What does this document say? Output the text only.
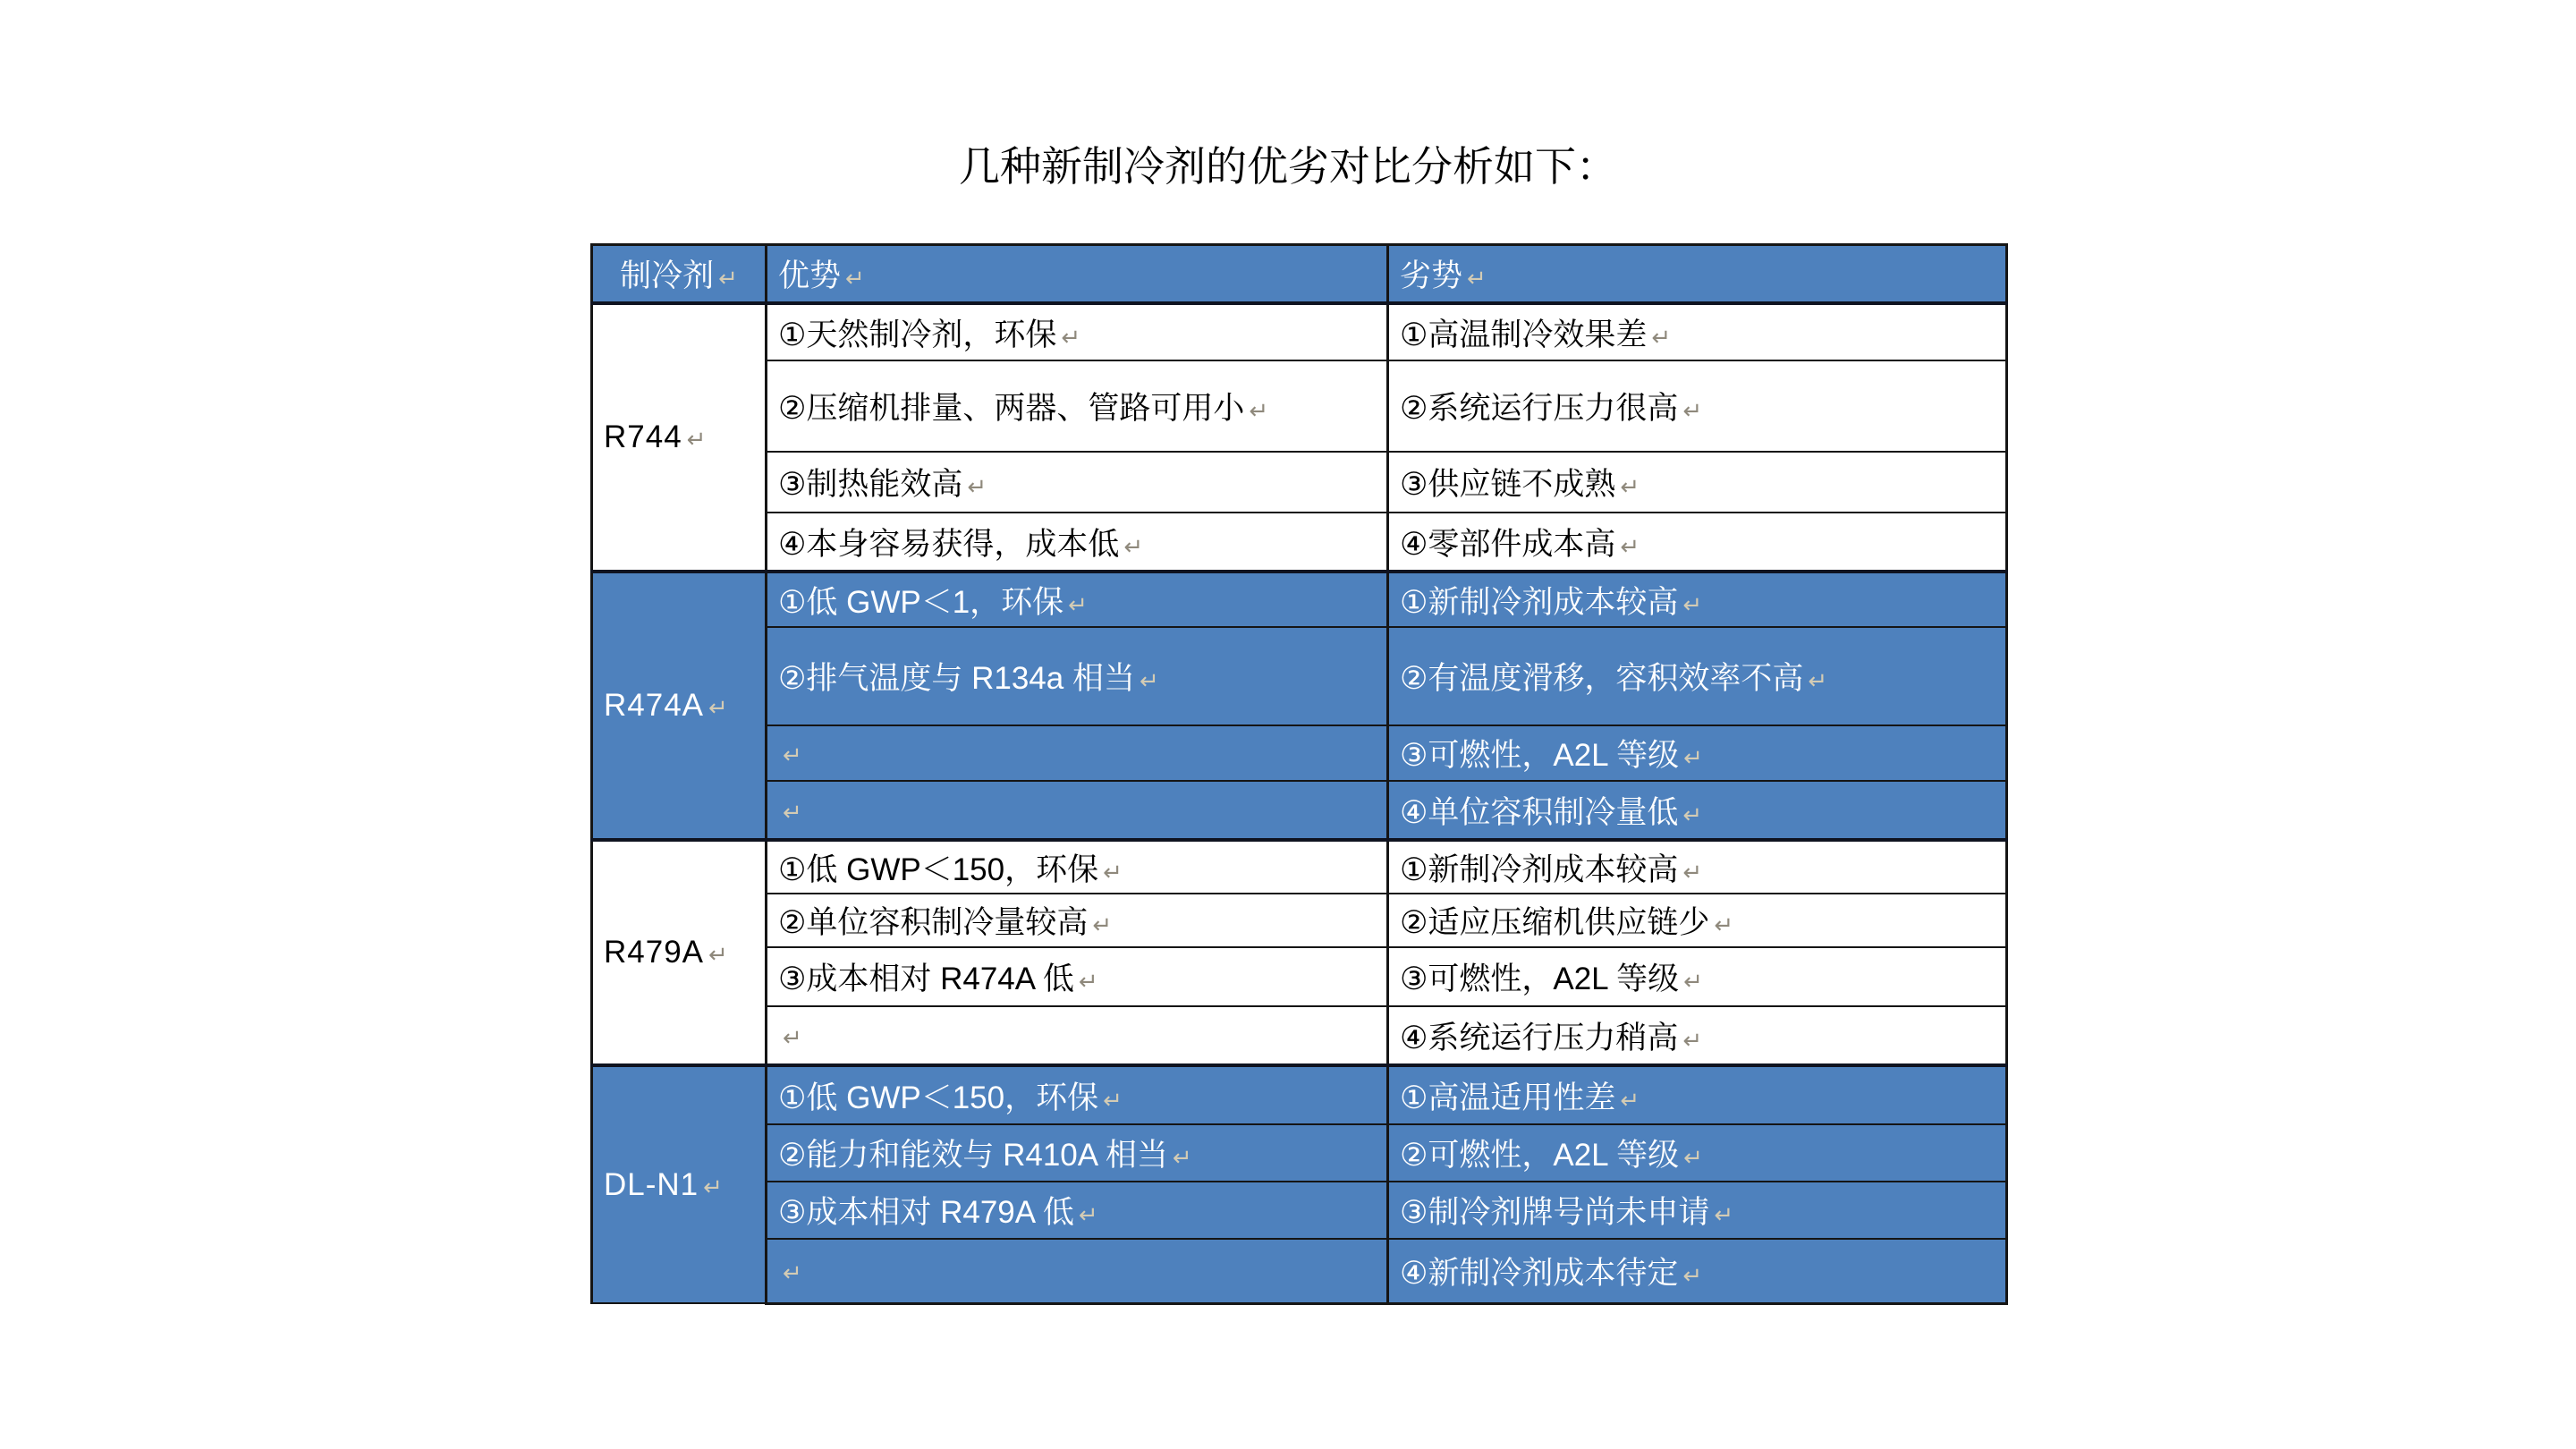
几种新制冷剂的优劣对比分析如下：
制冷剂 ↵	优势 ↵	劣势 ↵
R744 ↵	①天然制冷剂，环保 ↵	①高温制冷效果差 ↵
	②压缩机排量、两器、管路可用小 ↵	②系统运行压力很高 ↵
	③制热能效高 ↵	③供应链不成熟 ↵
	④本身容易获得，成本低 ↵	④零部件成本高 ↵
R474A ↵	①低 GWP＜1，环保 ↵	①新制冷剂成本较高 ↵
	②排气温度与 R134a 相当 ↵	②有温度滑移，容积效率不高 ↵
	↵	③可燃性，A2L 等级 ↵
	↵	④单位容积制冷量低 ↵
R479A ↵	①低 GWP＜150，环保 ↵	①新制冷剂成本较高 ↵
	②单位容积制冷量较高 ↵	②适应压缩机供应链少 ↵
	③成本相对 R474A 低 ↵	③可燃性，A2L 等级 ↵
	↵	④系统运行压力稍高 ↵
DL-N1 ↵	①低 GWP＜150，环保 ↵	①高温适用性差 ↵
	②能力和能效与 R410A 相当 ↵	②可燃性，A2L 等级 ↵
	③成本相对 R479A 低 ↵	③制冷剂牌号尚未申请 ↵
	↵	④新制冷剂成本待定 ↵
